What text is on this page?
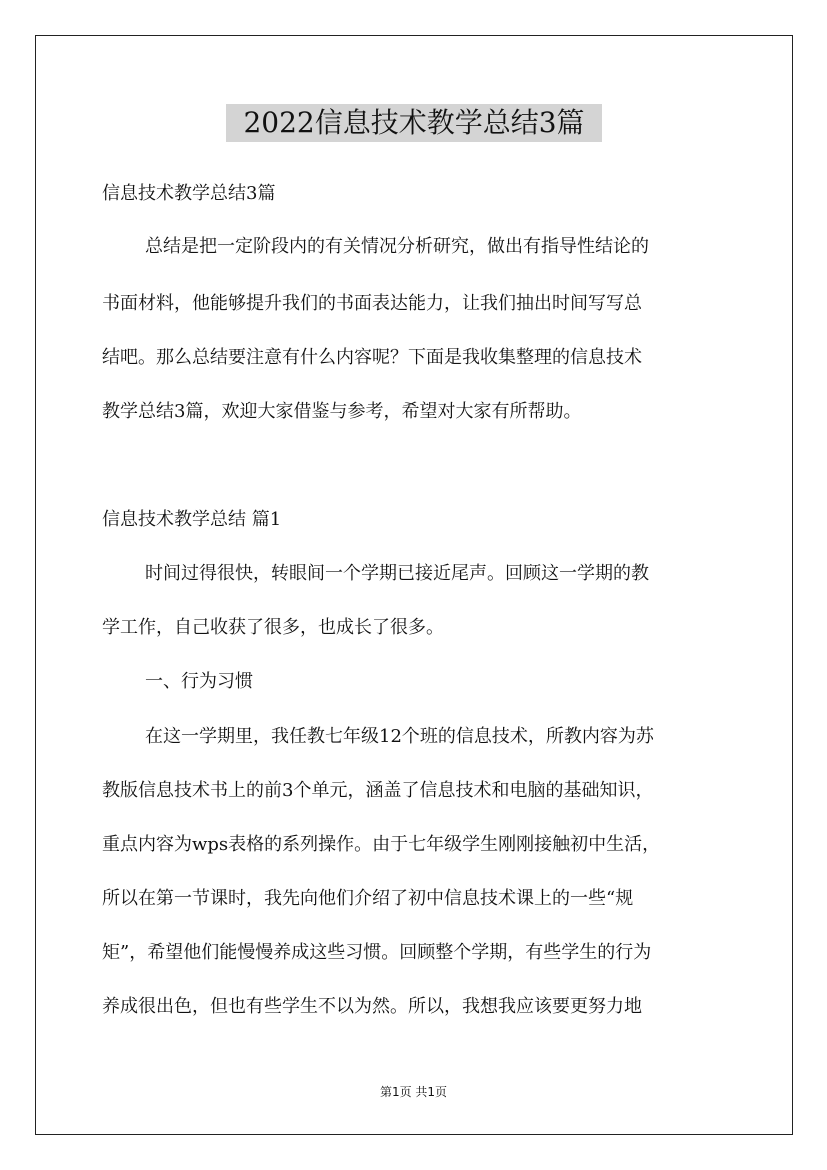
2022信息技术教学总结3篇
信息技术教学总结3篇
总结是把一定阶段内的有关情况分析研究，做出有指导性结论的
书面材料，他能够提升我们的书面表达能力，让我们抽出时间写写总
结吧。那么总结要注意有什么内容呢？下面是我收集整理的信息技术
教学总结3篇，欢迎大家借鉴与参考，希望对大家有所帮助。
信息技术教学总结 篇1
时间过得很快，转眼间一个学期已接近尾声。回顾这一学期的教
学工作，自己收获了很多，也成长了很多。
一、行为习惯
在这一学期里，我任教七年级12个班的信息技术，所教内容为苏
教版信息技术书上的前3个单元，涵盖了信息技术和电脑的基础知识，
重点内容为wps表格的系列操作。由于七年级学生刚刚接触初中生活，
所以在第一节课时，我先向他们介绍了初中信息技术课上的一些“规
矩”，希望他们能慢慢养成这些习惯。回顾整个学期，有些学生的行为
养成很出色，但也有些学生不以为然。所以，我想我应该要更努力地
第1页 共1页
